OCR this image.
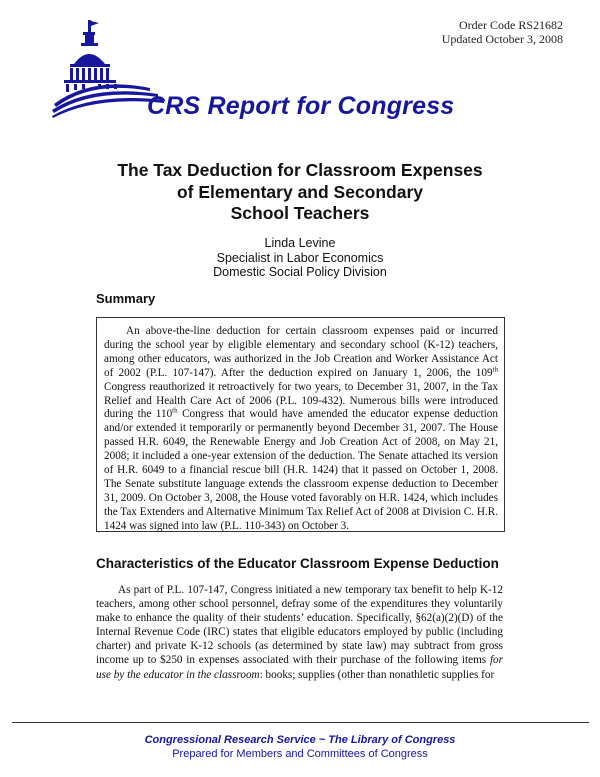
Order Code RS21682
Updated October 3, 2008
CRS Report for Congress
The Tax Deduction for Classroom Expenses
of Elementary and Secondary
School Teachers
Linda Levine
Specialist in Labor Economics
Domestic Social Policy Division
Summary

An above-the-line deduction for certain classroom expenses paid or incurred during the school year by eligible elementary and secondary school (K-12) teachers, among other educators, was authorized in the Job Creation and Worker Assistance Act of 2002 (P.L. 107-147). After the deduction expired on January 1, 2006, the 109th Congress reauthorized it retroactively for two years, to December 31, 2007, in the Tax Relief and Health Care Act of 2006 (P.L. 109-432). Numerous bills were introduced during the 110th Congress that would have amended the educator expense deduction and/or extended it temporarily or permanently beyond December 31, 2007. The House passed H.R. 6049, the Renewable Energy and Job Creation Act of 2008, on May 21, 2008; it included a one-year extension of the deduction. The Senate attached its version of H.R. 6049 to a financial rescue bill (H.R. 1424) that it passed on October 1, 2008. The Senate substitute language extends the classroom expense deduction to December 31, 2009. On October 3, 2008, the House voted favorably on H.R. 1424, which includes the Tax Extenders and Alternative Minimum Tax Relief Act of 2008 at Division C. H.R. 1424 was signed into law (P.L. 110-343) on October 3.

Characteristics of the Educator Classroom Expense Deduction

As part of P.L. 107-147, Congress initiated a new temporary tax benefit to help K-12 teachers, among other school personnel, defray some of the expenditures they voluntarily make to enhance the quality of their students’ education. Specifically, §62(a)(2)(D) of the Internal Revenue Code (IRC) states that eligible educators employed by public (including charter) and private K-12 schools (as determined by state law) may subtract from gross income up to $250 in expenses associated with their purchase of the following items for use by the educator in the classroom: books; supplies (other than nonathletic supplies for

Congressional Research Service ~ The Library of Congress
Prepared for Members and Committees of Congress
